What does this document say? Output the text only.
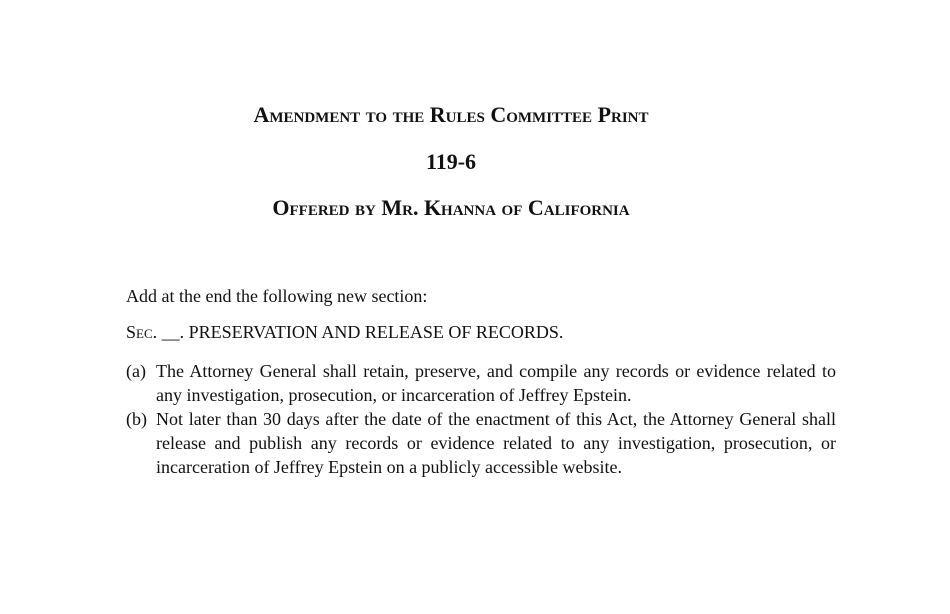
Amendment to the Rules Committee Print
119-6
Offered by Mr. Khanna of California
Add at the end the following new section:
Sec. __. PRESERVATION AND RELEASE OF RECORDS.
(a) The Attorney General shall retain, preserve, and compile any records or evidence related to any investigation, prosecution, or incarceration of Jeffrey Epstein.
(b) Not later than 30 days after the date of the enactment of this Act, the Attorney General shall release and publish any records or evidence related to any investigation, prosecution, or incarceration of Jeffrey Epstein on a publicly accessible website.
